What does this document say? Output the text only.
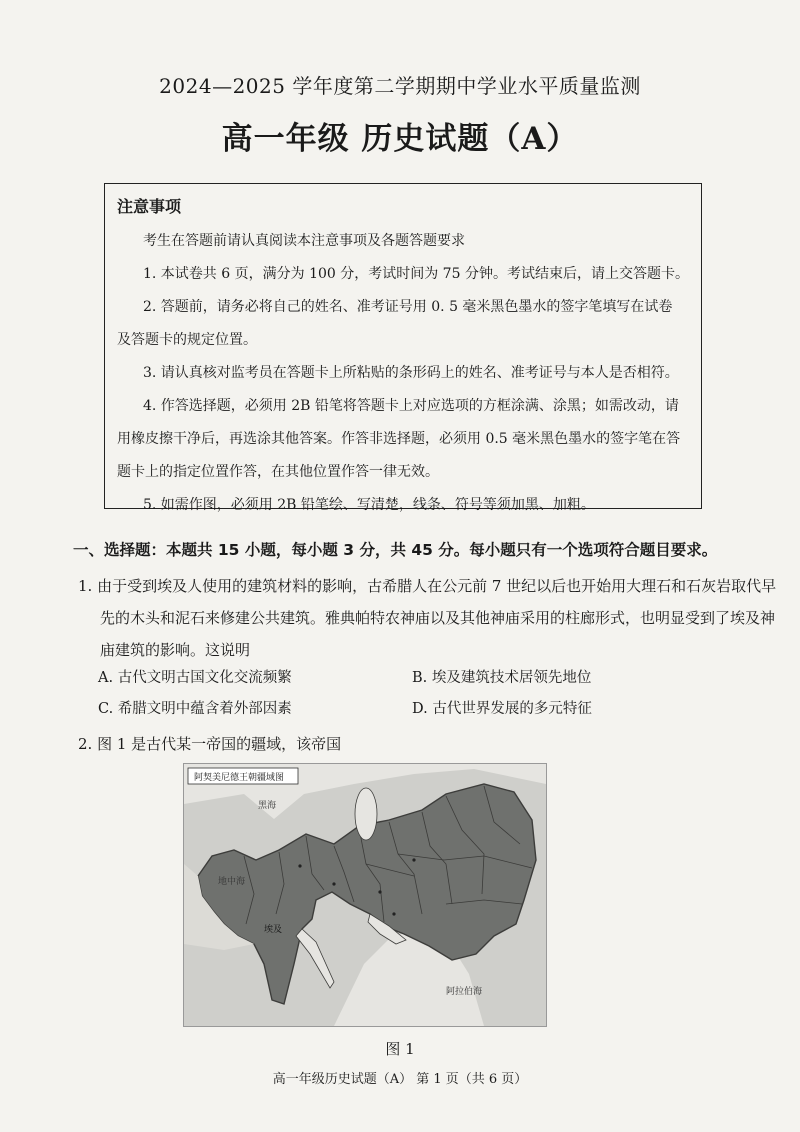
2024—2025 学年度第二学期期中学业水平质量监测
高一年级 历史试题（A）

注意事项

考生在答题前请认真阅读本注意事项及各题答题要求

1. 本试卷共 6 页，满分为 100 分，考试时间为 75 分钟。考试结束后，请上交答题卡。

2. 答题前，请务必将自己的姓名、准考证号用 0. 5 毫米黑色墨水的签字笔填写在试卷

及答题卡的规定位置。

3. 请认真核对监考员在答题卡上所粘贴的条形码上的姓名、准考证号与本人是否相符。

4. 作答选择题，必须用 2B 铅笔将答题卡上对应选项的方框涂满、涂黑；如需改动，请

用橡皮擦干净后，再选涂其他答案。作答非选择题，必须用 0.5 毫米黑色墨水的签字笔在答

题卡上的指定位置作答，在其他位置作答一律无效。

5. 如需作图，必须用 2B 铅笔绘、写清楚，线条、符号等须加黑、加粗。

一、选择题：本题共 15 小题，每小题 3 分，共 45 分。每小题只有一个选项符合题目要求。

1. 由于受到埃及人使用的建筑材料的影响，古希腊人在公元前 7 世纪以后也开始用大理石和石灰岩取代早

先的木头和泥石来修建公共建筑。雅典帕特农神庙以及其他神庙采用的柱廊形式，也明显受到了埃及神

庙建筑的影响。这说明

A. 古代文明古国文化交流频繁	B. 埃及建筑技术居领先地位
C. 希腊文明中蕴含着外部因素	D. 古代世界发展的多元特征
2. 图 1 是古代某一帝国的疆域，该帝国
阿契美尼德王朝疆域图
黑海
地中海
埃及
阿拉伯海
图 1
高一年级历史试题（A） 第 1 页（共 6 页）
